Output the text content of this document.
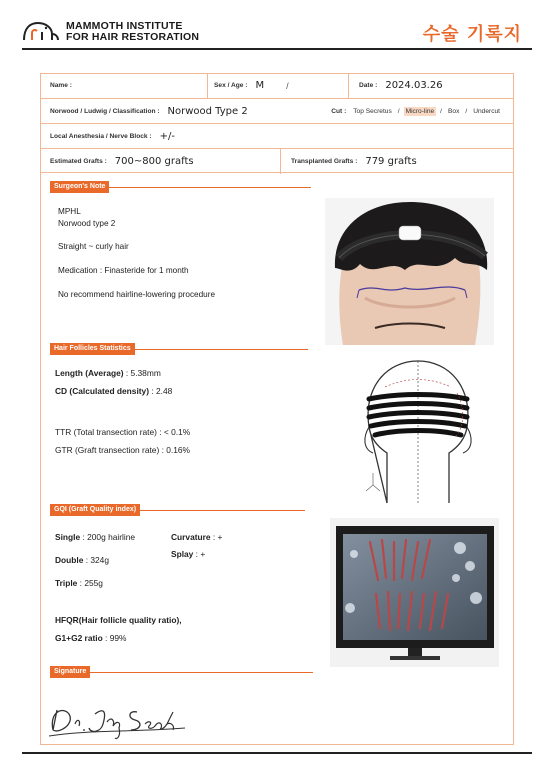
MAMMOTH INSTITUTE
FOR HAIR RESTORATION	수술 기록지
Name :	Sex / Age : M /	Date : 2024.03.26
Norwood / Ludwig / Classification : Norwood Type 2	Cut :	Top Secretus / Micro-line / Box / Undercut
Local Anesthesia / Nerve Block : +/-
Estimated Grafts : 700~800 grafts	Transplanted Grafts : 779 grafts
Surgeon's Note
MPHL
Norwood type 2
Straight ~ curly hair
Medication : Finasteride for 1 month
No recommend hairline-lowering procedure
Hair Follicles Statistics
Length (Average) : 5.38mm
CD (Calculated density) : 2.48
TTR (Total transection rate) : < 0.1%
GTR (Graft transection rate) : 0.16%
GQI (Graft Quality index)
Single : 200g hairline	Curvature : +
Splay : +
Double : 324g
Triple : 255g
HFQR(Hair follicle quality ratio),
G1+G2 ratio : 99%
Signature
